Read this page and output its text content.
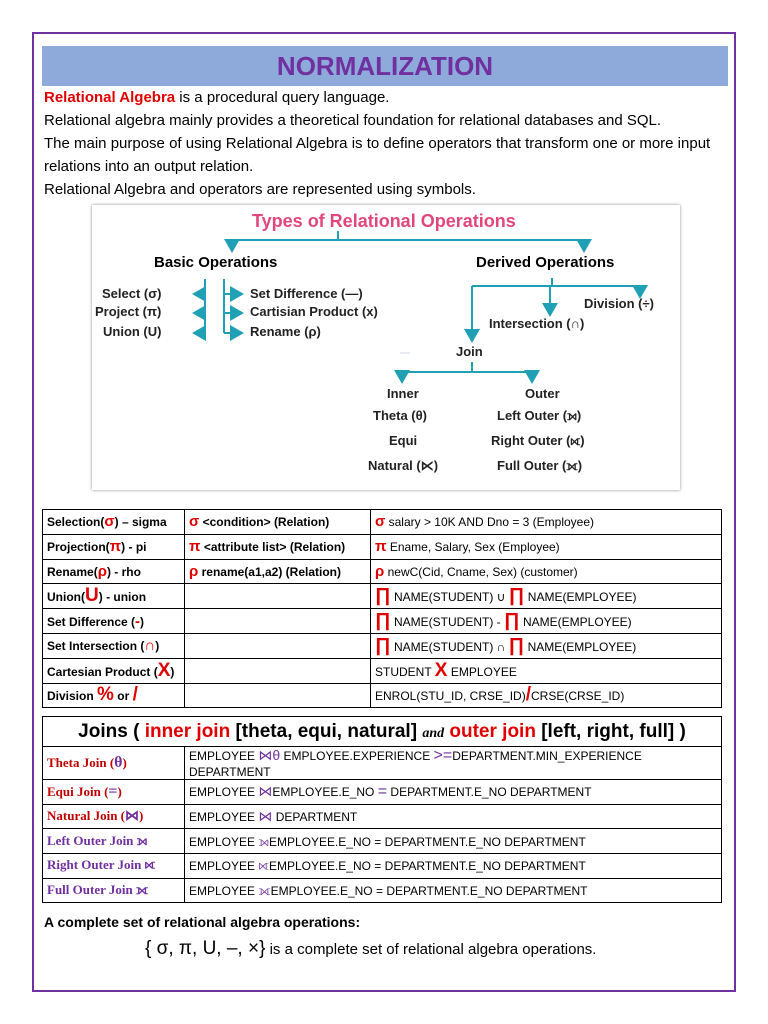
NORMALIZATION

Relational Algebra is a procedural query language.

Relational algebra mainly provides a theoretical foundation for relational databases and SQL.

The main purpose of using Relational Algebra is to define operators that transform one or more input relations into an output relation.

Relational Algebra and operators are represented using symbols.

Types of Relational Operations
Basic Operations	Derived Operations
Select (σ)
Project (π)
Union (U)
Set Difference (—)
Cartisian Product (x)
Rename (ρ)
Division (÷)
Intersection (∩)
Join
Inner	Outer
Theta (θ)
Equi
Natural (⋉)
Left Outer (⟕)
Right Outer (⟖)
Full Outer (⟗)
Selection(σ) – sigma	σ <condition> (Relation)	σ salary > 10K AND Dno = 3 (Employee)
Projection(π) - pi	π <attribute list> (Relation)	π Ename, Salary, Sex (Employee)
Rename(ρ) - rho	ρ rename(a1,a2) (Relation)	ρ newC(Cid, Cname, Sex) (customer)
Union(U) - union		∏ NAME(STUDENT) ∪ ∏ NAME(EMPLOYEE)
Set Difference (-)		∏ NAME(STUDENT) - ∏ NAME(EMPLOYEE)
Set Intersection (∩)		∏ NAME(STUDENT) ∩ ∏ NAME(EMPLOYEE)
Cartesian Product (X)		STUDENT X EMPLOYEE
Division % or /		ENROL(STU_ID, CRSE_ID)/CRSE(CRSE_ID)
Joins ( inner join [theta, equi, natural] and outer join [left, right, full] )
Theta Join (θ)	EMPLOYEE ⋈θ EMPLOYEE.EXPERIENCE >=DEPARTMENT.MIN_EXPERIENCE DEPARTMENT
Equi Join (=)	EMPLOYEE ⋈EMPLOYEE.E_NO = DEPARTMENT.E_NO DEPARTMENT
Natural Join (⋈)	EMPLOYEE ⋈ DEPARTMENT
Left Outer Join ⟕	EMPLOYEE ⟕EMPLOYEE.E_NO = DEPARTMENT.E_NO DEPARTMENT
Right Outer Join ⟖	EMPLOYEE ⟖EMPLOYEE.E_NO = DEPARTMENT.E_NO DEPARTMENT
Full Outer Join ⟗	EMPLOYEE ⟗EMPLOYEE.E_NO = DEPARTMENT.E_NO DEPARTMENT
A complete set of relational algebra operations:
{ σ, π, U, –, ×} is a complete set of relational algebra operations.
